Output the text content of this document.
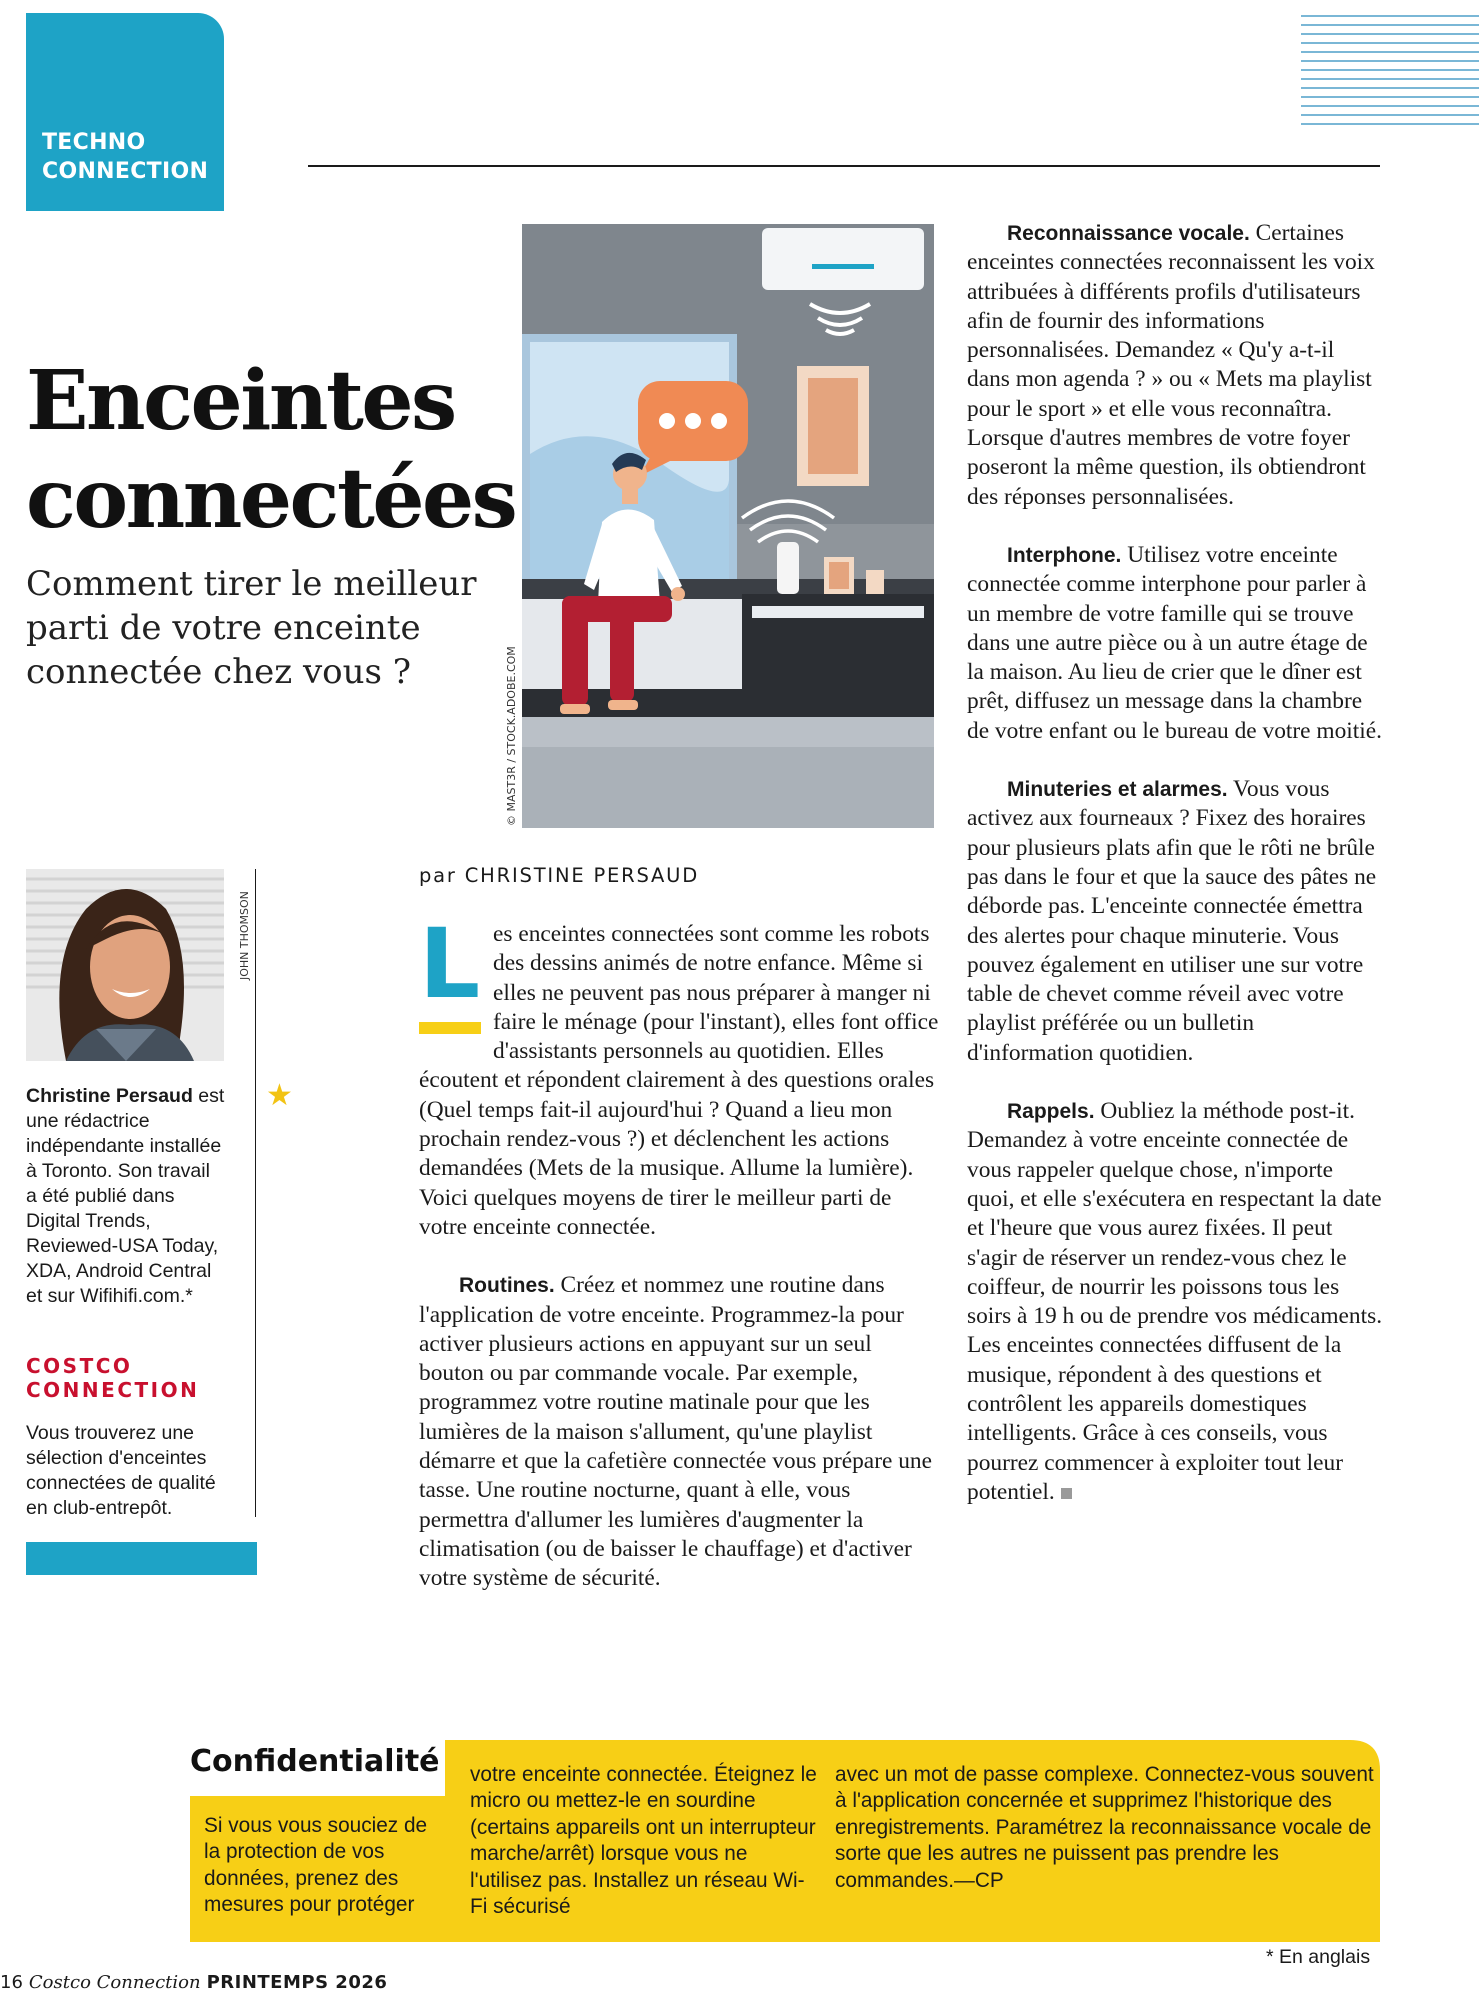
TECHNO
CONNECTION
Enceintes
connectées
Comment tirer le meilleur parti de votre enceinte connectée chez vous ?	© MAST3R / STOCK.ADOBE.COM
JOHN THOMSON
★
Christine Persaud est une rédactrice indépendante installée à Toronto. Son travail a été publié dans Digital Trends, Reviewed-USA Today, XDA, Android Central et sur Wifihifi.com.*
COSTCO
CONNECTION
Vous trouverez une sélection d'enceintes connectées de qualité en club-entrepôt.
par CHRISTINE PERSAUD

L es enceintes connectées sont comme les robots des dessins animés de notre enfance. Même si elles ne peuvent pas nous préparer à manger ni faire le ménage (pour l'instant), elles font office d'assistants personnels au quotidien. Elles écoutent et répondent clairement à des questions orales (Quel temps fait-il aujourd'hui ? Quand a lieu mon prochain rendez-vous ?) et déclenchent les actions demandées (Mets de la musique. Allume la lumière). Voici quelques moyens de tirer le meilleur parti de votre enceinte connectée.

Routines. Créez et nommez une routine dans l'application de votre enceinte. Programmez-la pour activer plusieurs actions en appuyant sur un seul bouton ou par commande vocale. Par exemple, programmez votre routine matinale pour que les lumières de la maison s'allument, qu'une playlist démarre et que la cafetière connectée vous prépare une tasse. Une routine nocturne, quant à elle, vous permettra d'allumer les lumières d'augmenter la climatisation (ou de baisser le chauffage) et d'activer votre système de sécurité.

Reconnaissance vocale. Certaines enceintes connectées reconnaissent les voix attribuées à différents profils d'utilisateurs afin de fournir des informations personnalisées. Demandez « Qu'y a-t-il dans mon agenda ? » ou « Mets ma playlist pour le sport » et elle vous reconnaîtra. Lorsque d'autres membres de votre foyer poseront la même question, ils obtiendront des réponses personnalisées.

Interphone. Utilisez votre enceinte connectée comme interphone pour parler à un membre de votre famille qui se trouve dans une autre pièce ou à un autre étage de la maison. Au lieu de crier que le dîner est prêt, diffusez un message dans la chambre de votre enfant ou le bureau de votre moitié.

Minuteries et alarmes. Vous vous activez aux fourneaux ? Fixez des horaires pour plusieurs plats afin que le rôti ne brûle pas dans le four et que la sauce des pâtes ne déborde pas. L'enceinte connectée émettra des alertes pour chaque minuterie. Vous pouvez également en utiliser une sur votre table de chevet comme réveil avec votre playlist préférée ou un bulletin d'information quotidien.

Rappels. Oubliez la méthode post-it. Demandez à votre enceinte connectée de vous rappeler quelque chose, n'importe quoi, et elle s'exécutera en respectant la date et l'heure que vous aurez fixées. Il peut s'agir de réserver un rendez-vous chez le coiffeur, de nourrir les poissons tous les soirs à 19 h ou de prendre vos médicaments. Les enceintes connectées diffusent de la musique, répondent à des questions et contrôlent les appareils domestiques intelligents. Grâce à ces conseils, vous pourrez commencer à exploiter tout leur potentiel.

Confidentialité
Si vous vous souciez de la protection de vos données, prenez des mesures pour protéger
votre enceinte connectée. Éteignez le micro ou mettez-le en sourdine (certains appareils ont un interrupteur marche/arrêt) lorsque vous ne l'utilisez pas. Installez un réseau Wi-Fi sécurisé
avec un mot de passe complexe. Connectez-vous souvent à l'application concernée et supprimez l'historique des enregistrements. Paramétrez la reconnaissance vocale de sorte que les autres ne puissent pas prendre les commandes.—CP
* En anglais
16 Costco Connection PRINTEMPS 2026
